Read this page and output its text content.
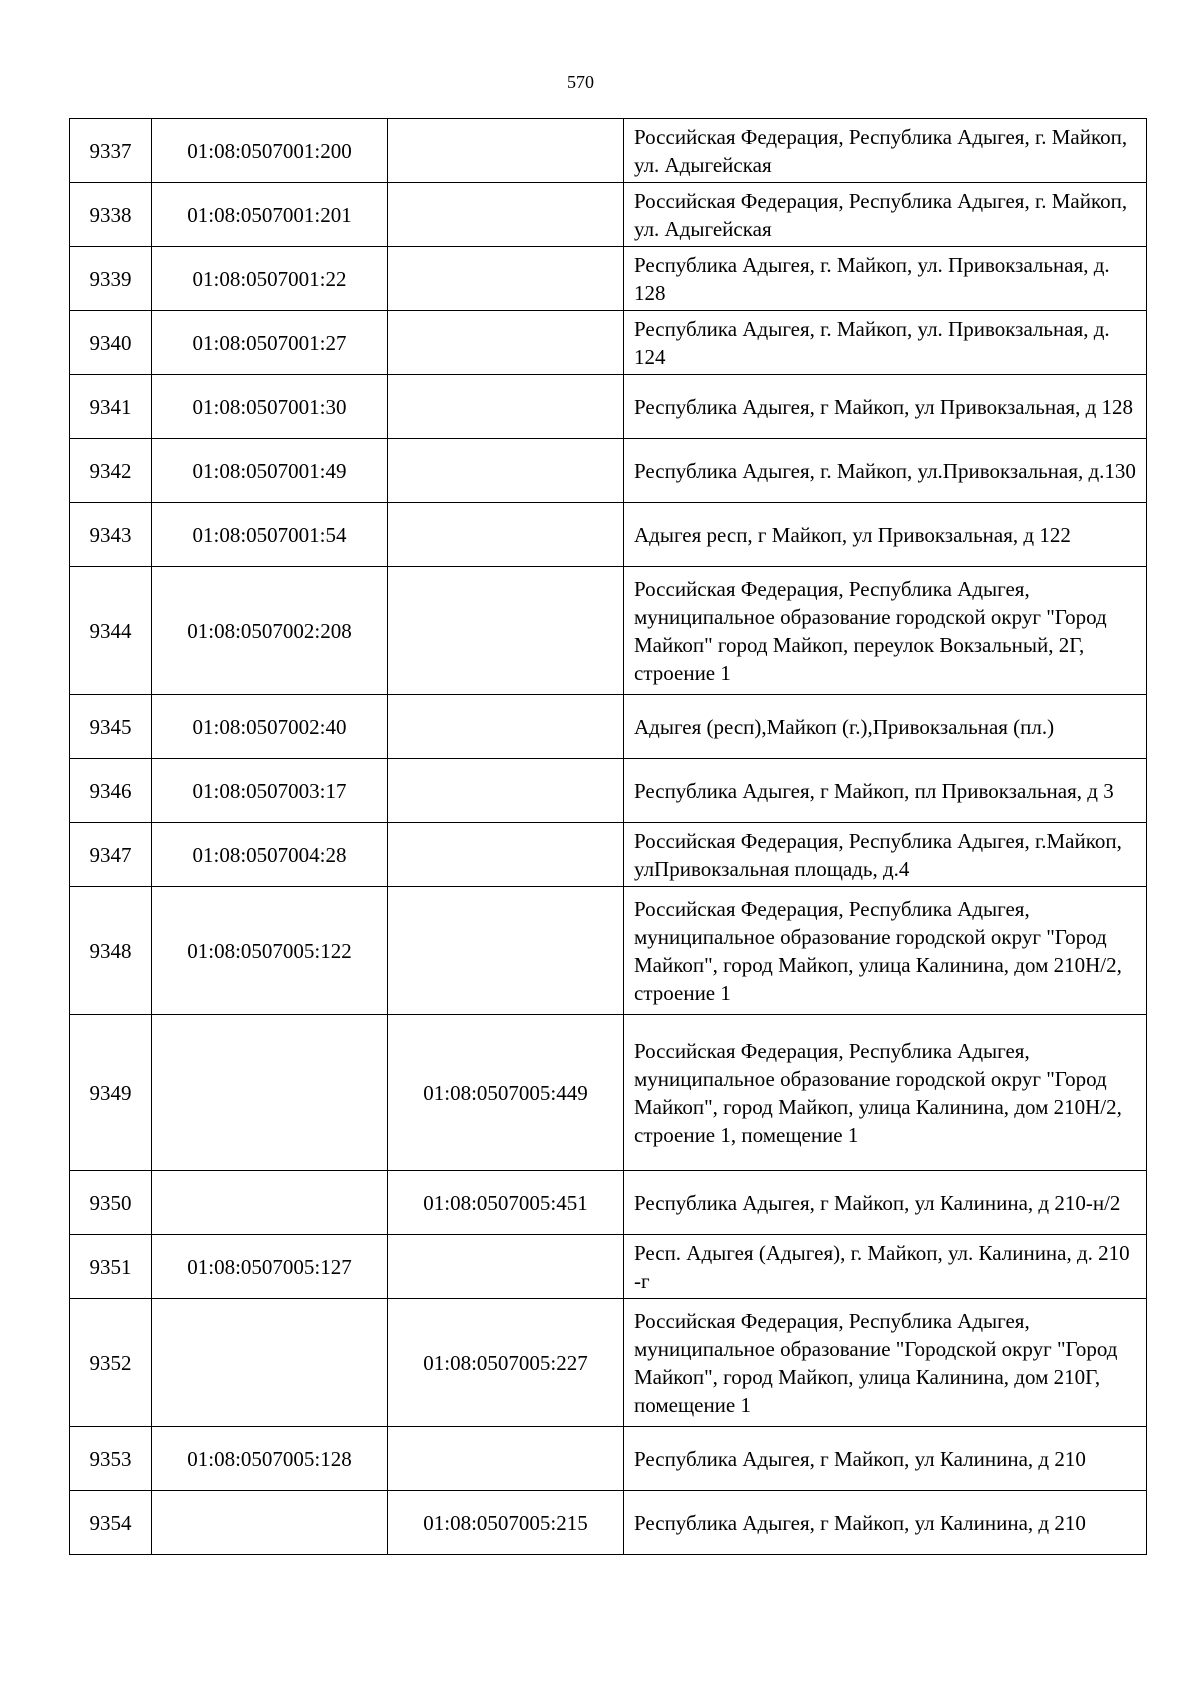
570
9337	01:08:0507001:200		Российская Федерация, Республика Адыгея, г. Майкоп, ул. Адыгейская
9338	01:08:0507001:201		Российская Федерация, Республика Адыгея, г. Майкоп, ул. Адыгейская
9339	01:08:0507001:22		Республика Адыгея, г. Майкоп, ул. Привокзальная, д. 128
9340	01:08:0507001:27		Республика Адыгея, г. Майкоп, ул. Привокзальная, д. 124
9341	01:08:0507001:30		Республика Адыгея, г Майкоп, ул Привокзальная, д 128
9342	01:08:0507001:49		Республика Адыгея, г. Майкоп, ул.Привокзальная, д.130
9343	01:08:0507001:54		Адыгея респ, г Майкоп, ул Привокзальная, д 122
9344	01:08:0507002:208		Российская Федерация, Республика Адыгея, муниципальное образование городской округ "Город Майкоп" город Майкоп, переулок Вокзальный, 2Г, строение 1
9345	01:08:0507002:40		Адыгея (респ),Майкоп (г.),Привокзальная (пл.)
9346	01:08:0507003:17		Республика Адыгея, г Майкоп, пл Привокзальная, д 3
9347	01:08:0507004:28		Российская Федерация, Республика Адыгея, г.Майкоп, улПривокзальная площадь, д.4
9348	01:08:0507005:122		Российская Федерация, Республика Адыгея, муниципальное образование городской округ "Город Майкоп", город Майкоп, улица Калинина, дом 210Н/2, строение 1
9349		01:08:0507005:449	Российская Федерация, Республика Адыгея, муниципальное образование городской округ "Город Майкоп", город Майкоп, улица Калинина, дом 210Н/2, строение 1, помещение 1
9350		01:08:0507005:451	Республика Адыгея, г Майкоп, ул Калинина, д 210-н/2
9351	01:08:0507005:127		Респ. Адыгея (Адыгея), г. Майкоп, ул. Калинина, д. 210 -г
9352		01:08:0507005:227	Российская Федерация, Республика Адыгея, муниципальное образование "Городской округ "Город Майкоп", город Майкоп, улица Калинина, дом 210Г, помещение 1
9353	01:08:0507005:128		Республика Адыгея, г Майкоп, ул Калинина, д 210
9354		01:08:0507005:215	Республика Адыгея, г Майкоп, ул Калинина, д 210
